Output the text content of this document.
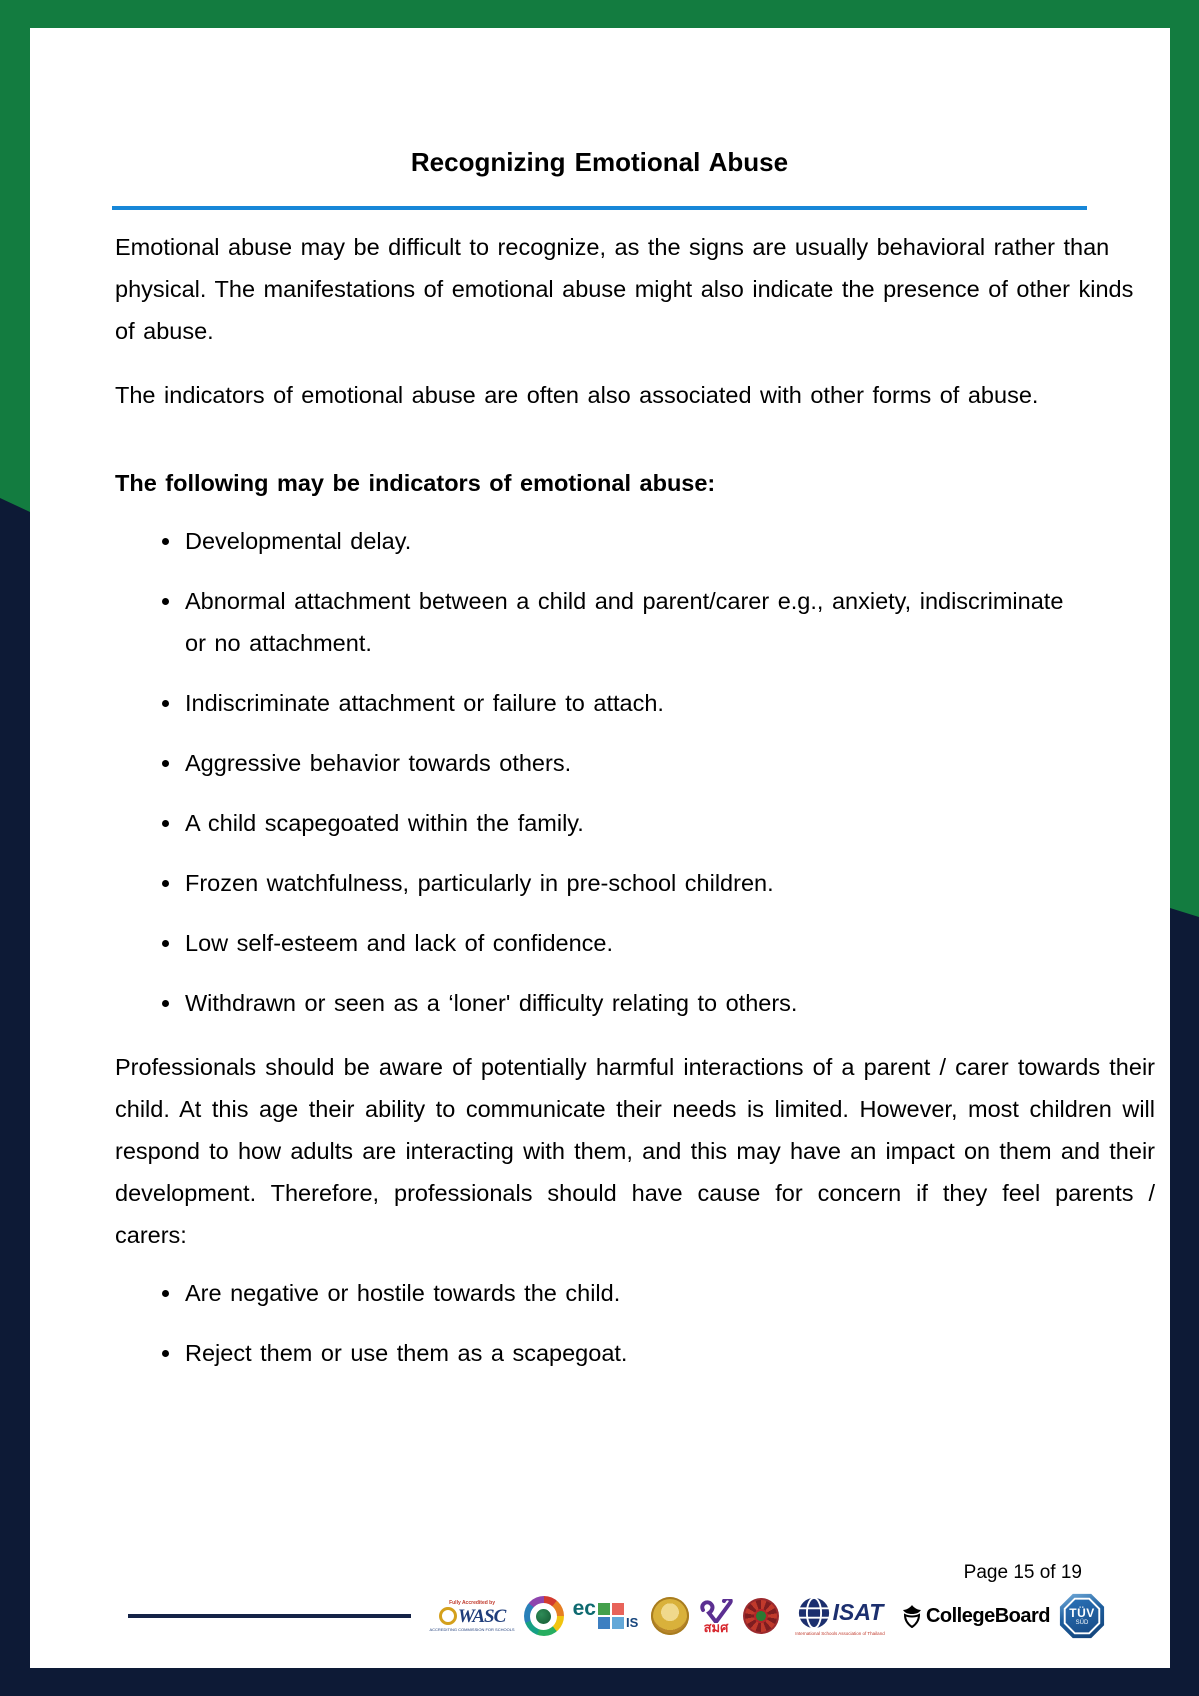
Recognizing Emotional Abuse

Emotional abuse may be difficult to recognize, as the signs are usually behavioral rather than physical. The manifestations of emotional abuse might also indicate the presence of other kinds of abuse.

The indicators of emotional abuse are often also associated with other forms of abuse.

The following may be indicators of emotional abuse:

Developmental delay.
Abnormal attachment between a child and parent/carer e.g., anxiety, indiscriminate or no attachment.
Indiscriminate attachment or failure to attach.
Aggressive behavior towards others.
A child scapegoated within the family.
Frozen watchfulness, particularly in pre-school children.
Low self-esteem and lack of confidence.
Withdrawn or seen as a ‘loner' difficulty relating to others.

Professionals should be aware of potentially harmful interactions of a parent / carer towards their child. At this age their ability to communicate their needs is limited. However, most children will respond to how adults are interacting with them, and this may have an impact on them and their development. Therefore, professionals should have cause for concern if they feel parents / carers:

Are negative or hostile towards the child.
Reject them or use them as a scapegoat.
Page 15 of 19
Fully Accredited by
WASC
ACCREDITING COMMISSION FOR SCHOOLS
ec
IS	สมศ
ISAT
International Schools Association of Thailand
CollegeBoard TÜV
SÜD
